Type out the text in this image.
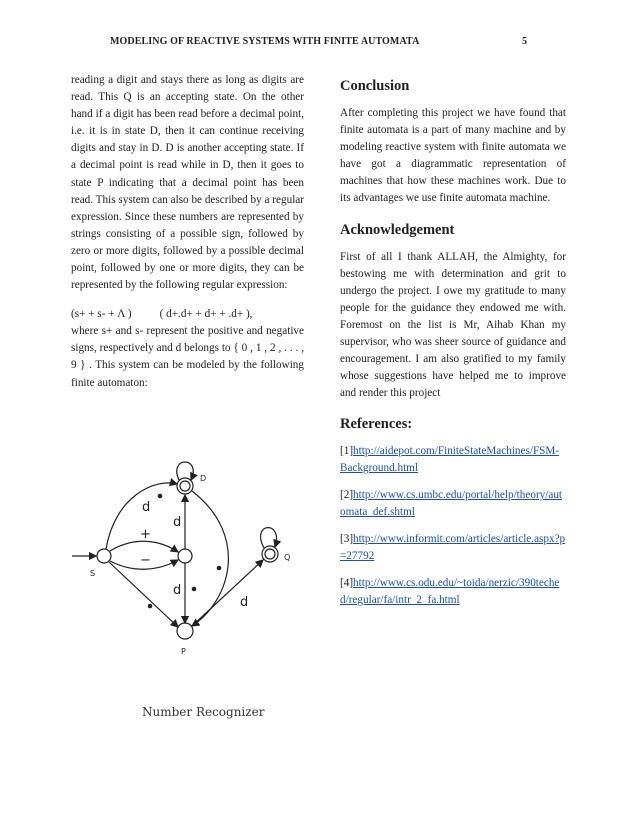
MODELING OF REACTIVE SYSTEMS WITH FINITE AUTOMATA	5

reading a digit and stays there as long as digits are read. This Q is an accepting state. On the other hand if a digit has been read before a decimal point, i.e. it is in state D, then it can continue receiving digits and stay in D. D is another accepting state. If a decimal point is read while in D, then it goes to state P indicating that a decimal point has been read. This system can also be described by a regular expression. Since these numbers are represented by strings consisting of a possible sign, followed by zero or more digits, followed by a possible decimal point, followed by one or more digits, they can be represented by the following regular expression:

(s+ + s- + Λ )	( d+.d+ + d+ + .d+ ),

where s+ and s- represent the positive and negative signs, respectively and d belongs to { 0 , 1 , 2 , . . . , 9 } . This system can be modeled by the following finite automaton:

d
d
d
d
+
−
D
S
Q
P
Number Recognizer
Conclusion

After completing this project we have found that finite automata is a part of many machine and by modeling reactive system with finite automata we have got a diagrammatic representation of machines that how these machines work. Due to its advantages we use finite automata machine.

Acknowledgement

First of all I thank ALLAH, the Almighty, for bestowing me with determination and grit to undergo the project. I owe my gratitude to many people for the guidance they endowed me with. Foremost on the list is Mr, Aihab Khan my supervisor, who was sheer source of guidance and encouragement. I am also gratified to my family whose suggestions have helped me to improve and render this project

References:

[1]http://aidepot.com/FiniteStateMachines/FSM-Background.html

[2]http://www.cs.umbc.edu/portal/help/theory/automata_def.shtml

[3]http://www.informit.com/articles/article.aspx?p=27792

[4]http://www.cs.odu.edu/~toida/nerzic/390teched/regular/fa/intr_2_fa.html
